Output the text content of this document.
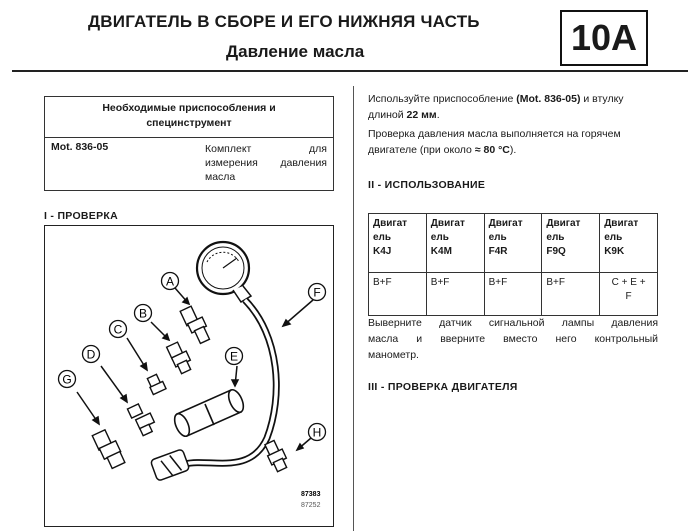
ДВИГАТЕЛЬ В СБОРЕ И ЕГО НИЖНЯЯ ЧАСТЬ
Давление масла	10A
Необходимые приспособления и
специнструмент
Mot. 836-05	Комплект для измерения давления масла
I - ПРОВЕРКА
A
B
C
D	E
F
G
H
87383
87252
Используйте приспособление (Mot. 836-05) и втулку
длиной 22 мм.
Проверка давления масла выполняется на горячем
двигателе (при около ≈ 80 °С).
II - ИСПОЛЬЗОВАНИЕ
Двигат
ель
K4J	Двигат
ель
K4M	Двигат
ель
F4R	Двигат
ель
F9Q	Двигат
ель
K9K
B+F	B+F	B+F	B+F	C + E +
F
Выверните датчик сигнальной лампы давления
масла и вверните вместо него контрольный
манометр.
III - ПРОВЕРКА ДВИГАТЕЛЯ
